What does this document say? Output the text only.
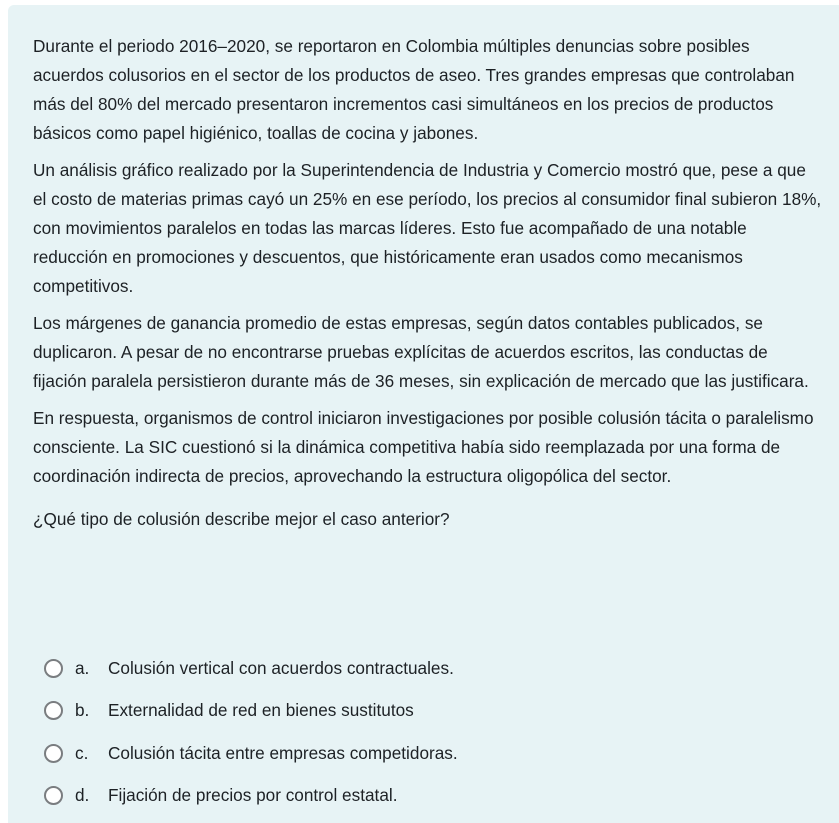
Durante el periodo 2016–2020, se reportaron en Colombia múltiples denuncias sobre posibles acuerdos colusorios en el sector de los productos de aseo. Tres grandes empresas que controlaban más del 80% del mercado presentaron incrementos casi simultáneos en los precios de productos básicos como papel higiénico, toallas de cocina y jabones.

Un análisis gráfico realizado por la Superintendencia de Industria y Comercio mostró que, pese a que el costo de materias primas cayó un 25% en ese período, los precios al consumidor final subieron 18%, con movimientos paralelos en todas las marcas líderes. Esto fue acompañado de una notable reducción en promociones y descuentos, que históricamente eran usados como mecanismos competitivos.

Los márgenes de ganancia promedio de estas empresas, según datos contables publicados, se duplicaron. A pesar de no encontrarse pruebas explícitas de acuerdos escritos, las conductas de fijación paralela persistieron durante más de 36 meses, sin explicación de mercado que las justificara.

En respuesta, organismos de control iniciaron investigaciones por posible colusión tácita o paralelismo consciente. La SIC cuestionó si la dinámica competitiva había sido reemplazada por una forma de coordinación indirecta de precios, aprovechando la estructura oligopólica del sector.

¿Qué tipo de colusión describe mejor el caso anterior?

a.	Colusión vertical con acuerdos contractuales.
b.	Externalidad de red en bienes sustitutos
c.	Colusión tácita entre empresas competidoras.
d.	Fijación de precios por control estatal.
